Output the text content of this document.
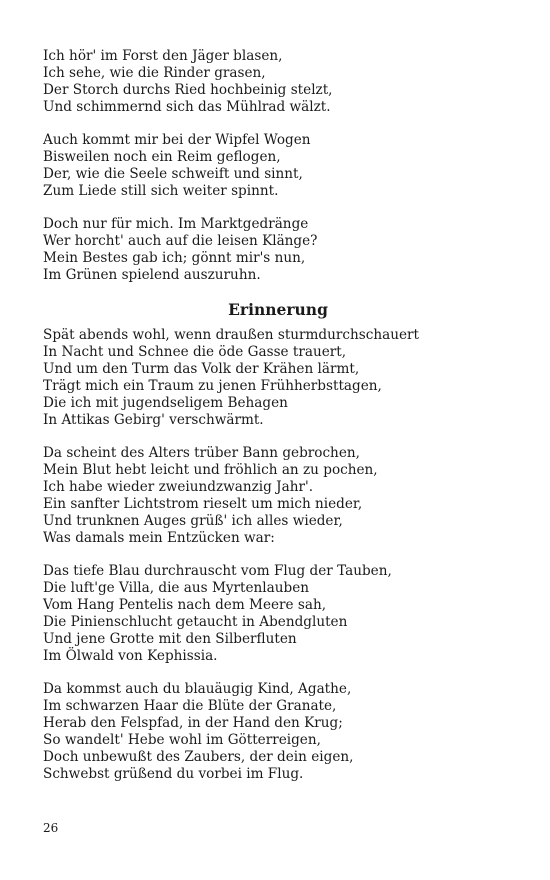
Ich hör' im Forst den Jäger blasen,
Ich sehe, wie die Rinder grasen,
Der Storch durchs Ried hochbeinig stelzt,
Und schimmernd sich das Mühlrad wälzt.
Auch kommt mir bei der Wipfel Wogen
Bisweilen noch ein Reim geflogen,
Der, wie die Seele schweift und sinnt,
Zum Liede still sich weiter spinnt.
Doch nur für mich. Im Marktgedränge
Wer horcht' auch auf die leisen Klänge?
Mein Bestes gab ich; gönnt mir's nun,
Im Grünen spielend auszuruhn.
Erinnerung
Spät abends wohl, wenn draußen sturmdurchschauert
In Nacht und Schnee die öde Gasse trauert,
Und um den Turm das Volk der Krähen lärmt,
Trägt mich ein Traum zu jenen Frühherbsttagen,
Die ich mit jugendseligem Behagen
In Attikas Gebirg' verschwärmt.
Da scheint des Alters trüber Bann gebrochen,
Mein Blut hebt leicht und fröhlich an zu pochen,
Ich habe wieder zweiundzwanzig Jahr'.
Ein sanfter Lichtstrom rieselt um mich nieder,
Und trunknen Auges grüß' ich alles wieder,
Was damals mein Entzücken war:
Das tiefe Blau durchrauscht vom Flug der Tauben,
Die luft'ge Villa, die aus Myrtenlauben
Vom Hang Pentelis nach dem Meere sah,
Die Pinienschlucht getaucht in Abendgluten
Und jene Grotte mit den Silberfluten
Im Ölwald von Kephissia.
Da kommst auch du blauäugig Kind, Agathe,
Im schwarzen Haar die Blüte der Granate,
Herab den Felspfad, in der Hand den Krug;
So wandelt' Hebe wohl im Götterreigen,
Doch unbewußt des Zaubers, der dein eigen,
Schwebst grüßend du vorbei im Flug.
26
